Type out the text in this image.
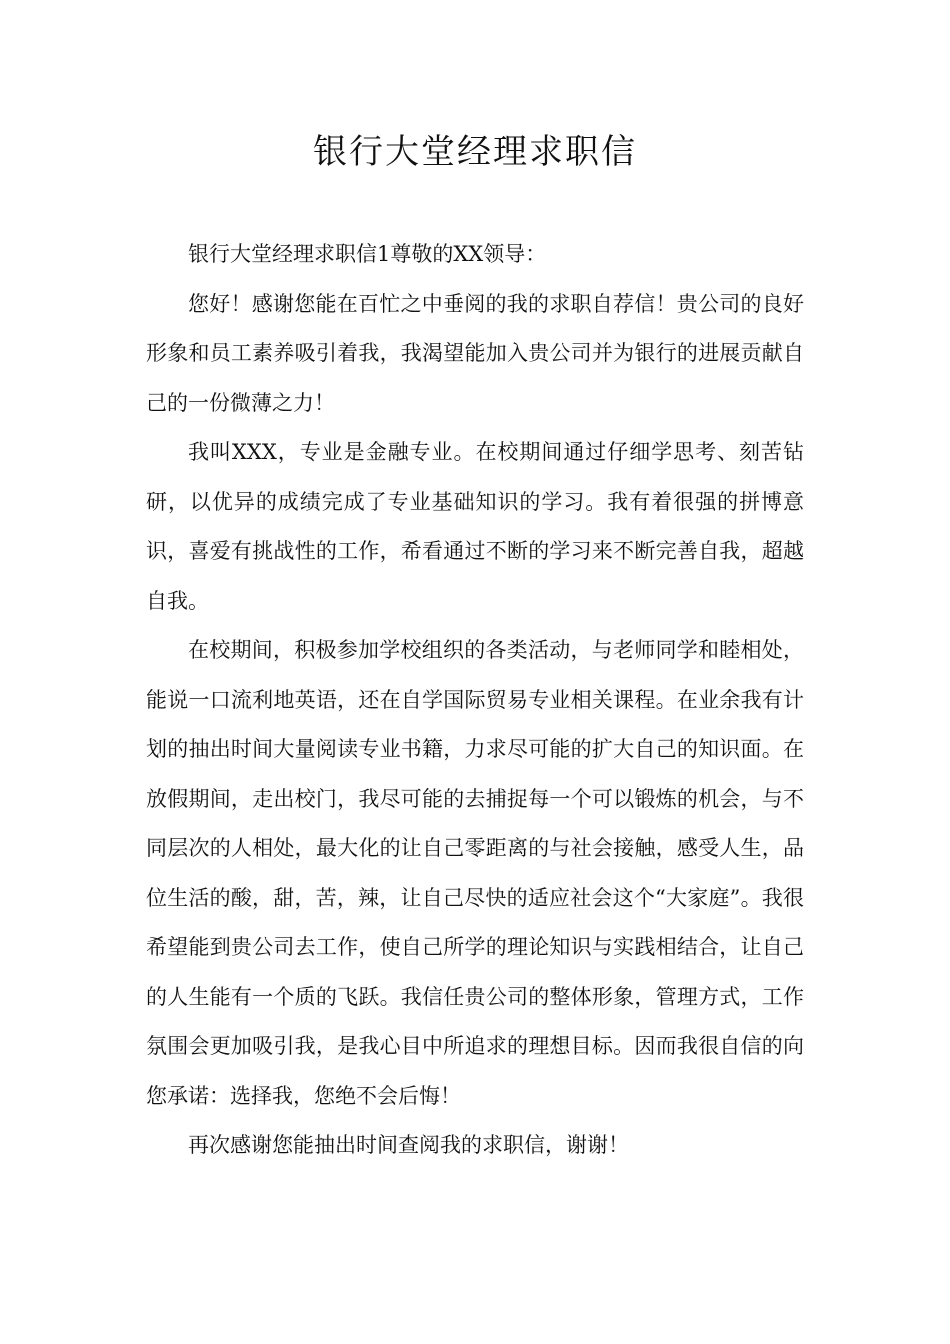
银行大堂经理求职信

银行大堂经理求职信1尊敬的XX领导：

您好！感谢您能在百忙之中垂阅的我的求职自荐信！贵公司的良好形象和员工素养吸引着我，我渴望能加入贵公司并为银行的进展贡献自己的一份微薄之力！

我叫XXX，专业是金融专业。在校期间通过仔细学思考、刻苦钻研，以优异的成绩完成了专业基础知识的学习。我有着很强的拼博意识，喜爱有挑战性的工作，希看通过不断的学习来不断完善自我，超越自我。

在校期间，积极参加学校组织的各类活动，与老师同学和睦相处，能说一口流利地英语，还在自学国际贸易专业相关课程。在业余我有计划的抽出时间大量阅读专业书籍，力求尽可能的扩大自己的知识面。在放假期间，走出校门，我尽可能的去捕捉每一个可以锻炼的机会，与不同层次的人相处，最大化的让自己零距离的与社会接触，感受人生，品位生活的酸，甜，苦，辣，让自己尽快的适应社会这个“大家庭”。我很希望能到贵公司去工作，使自己所学的理论知识与实践相结合，让自己的人生能有一个质的飞跃。我信任贵公司的整体形象，管理方式，工作氛围会更加吸引我，是我心目中所追求的理想目标。因而我很自信的向您承诺：选择我，您绝不会后悔！

再次感谢您能抽出时间查阅我的求职信，谢谢！
